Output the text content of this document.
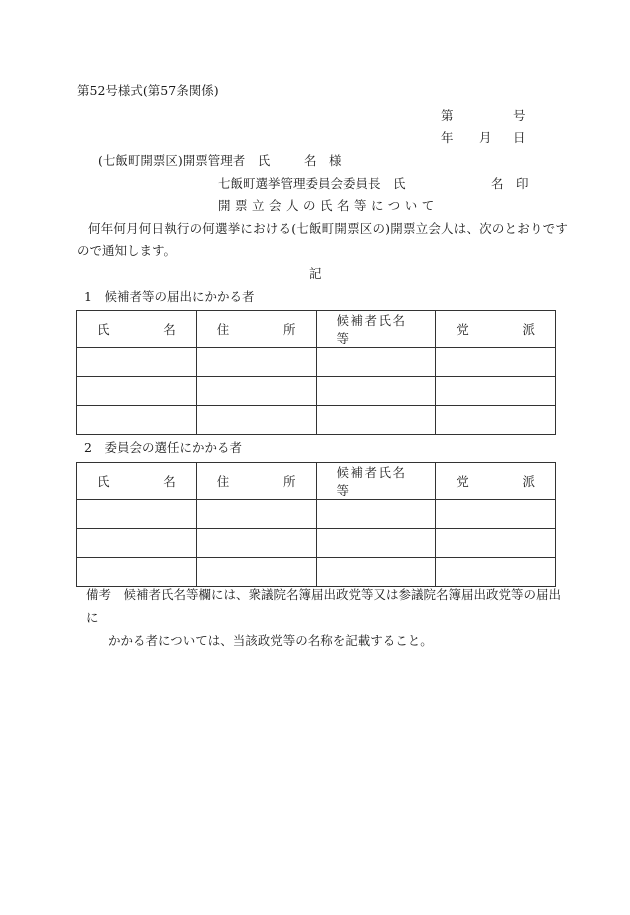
第52号様式(第57条関係)
第	号
年 月 日
(七飯町開票区)開票管理者　氏	名　様
七飯町選挙管理委員会委員長　氏	名　印
開票立会人の氏名等について
何年何月何日執行の何選挙における(七飯町開票区の)開票立会人は、次のとおりです
ので通知します。
記
1　候補者等の届出にかかる者
氏 名	住 所	候補者氏名等	党 派

2　委員会の選任にかかる者
氏 名	住 所	候補者氏名等	党 派

備考　候補者氏名等欄には、衆議院名簿届出政党等又は参議院名簿届出政党等の届出に
かかる者については、当該政党等の名称を記載すること。
